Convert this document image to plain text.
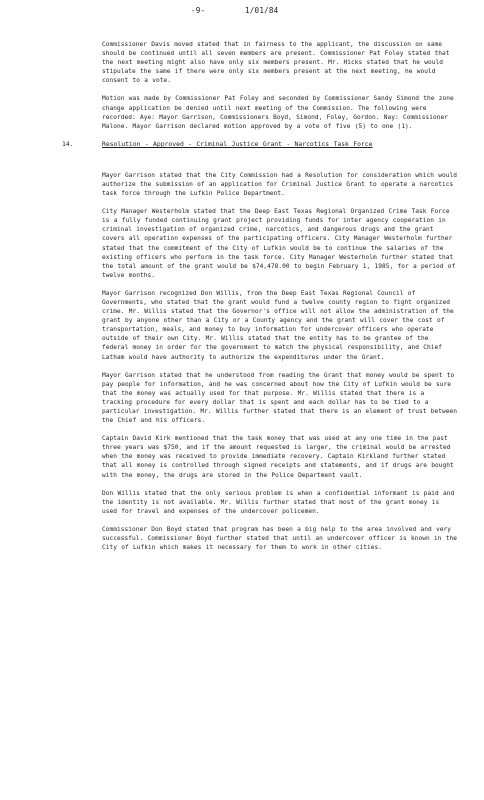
-9-	1/01/84

Commissioner Davis moved stated that in fairness to the applicant, the discussion on same should be continued until all seven members are present. Commissioner Pat Foley stated that the next meeting might also have only six members present. Mr. Hicks stated that he would stipulate the same if there were only six members present at the next meeting, he would consent to a vote.

Motion was made by Commissioner Pat Foley and seconded by Commissioner Sandy Simond the zone change application be denied until next meeting of the Commission. The following were recorded: Aye: Mayor Garrison, Commissioners Boyd, Simond, Foley, Gordon. Nay: Commissioner Malone. Mayor Garrison declared motion approved by a vote of five (5) to one (1).

14.	Resolution - Approved - Criminal Justice Grant - Narcotics Task Force

Mayor Garrison stated that the City Commission had a Resolution for consideration which would authorize the submission of an application for Criminal Justice Grant to operate a narcotics task force through the Lufkin Police Department.

City Manager Westerholm stated that the Deep East Texas Regional Organized Crime Task Force is a fully funded continuing grant project providing funds for inter agency cooperation in criminal investigation of organized crime, narcotics, and dangerous drugs and the grant covers all operation expenses of the participating officers. City Manager Westerholm further stated that the commitment of the City of Lufkin would be to continue the salaries of the existing officers who perform in the task force. City Manager Westerholm further stated that the total amount of the grant would be $74,478.00 to begin February 1, 1985, for a period of twelve months.

Mayor Garrison recognized Don Willis, from the Deep East Texas Regional Council of Governments, who stated that the grant would fund a twelve county region to fight organized crime. Mr. Willis stated that the Governor's office will not allow the administration of the grant by anyone other than a City or a County agency and the grant will cover the cost of transportation, meals, and money to buy information for undercover officers who operate outside of their own City. Mr. Willis stated that the entity has to be grantee of the federal money in order for the government to match the physical responsibility, and Chief Latham would have authority to authorize the expenditures under the Grant.

Mayor Garrison stated that he understood from reading the Grant that money would be spent to pay people for information, and he was concerned about how the City of Lufkin would be sure that the money was actually used for that purpose. Mr. Willis stated that there is a tracking procedure for every dollar that is spent and each dollar has to be tied to a particular investigation. Mr. Willis further stated that there is an element of trust between the Chief and his officers.

Captain David Kirk mentioned that the task money that was used at any one time in the past three years was $750, and if the amount requested is larger, the criminal would be arrested when the money was received to provide immediate recovery. Captain Kirkland further stated that all money is controlled through signed receipts and statements, and if drugs are bought with the money, the drugs are stored in the Police Department vault.

Don Willis stated that the only serious problem is when a confidential informant is paid and the identity is not available. Mr. Willis further stated that most of the grant money is used for travel and expenses of the undercover policemen.

Commissioner Don Boyd stated that program has been a big help to the area involved and very successful. Commissioner Boyd further stated that until an undercover officer is known in the City of Lufkin which makes it necessary for them to work in other cities.
